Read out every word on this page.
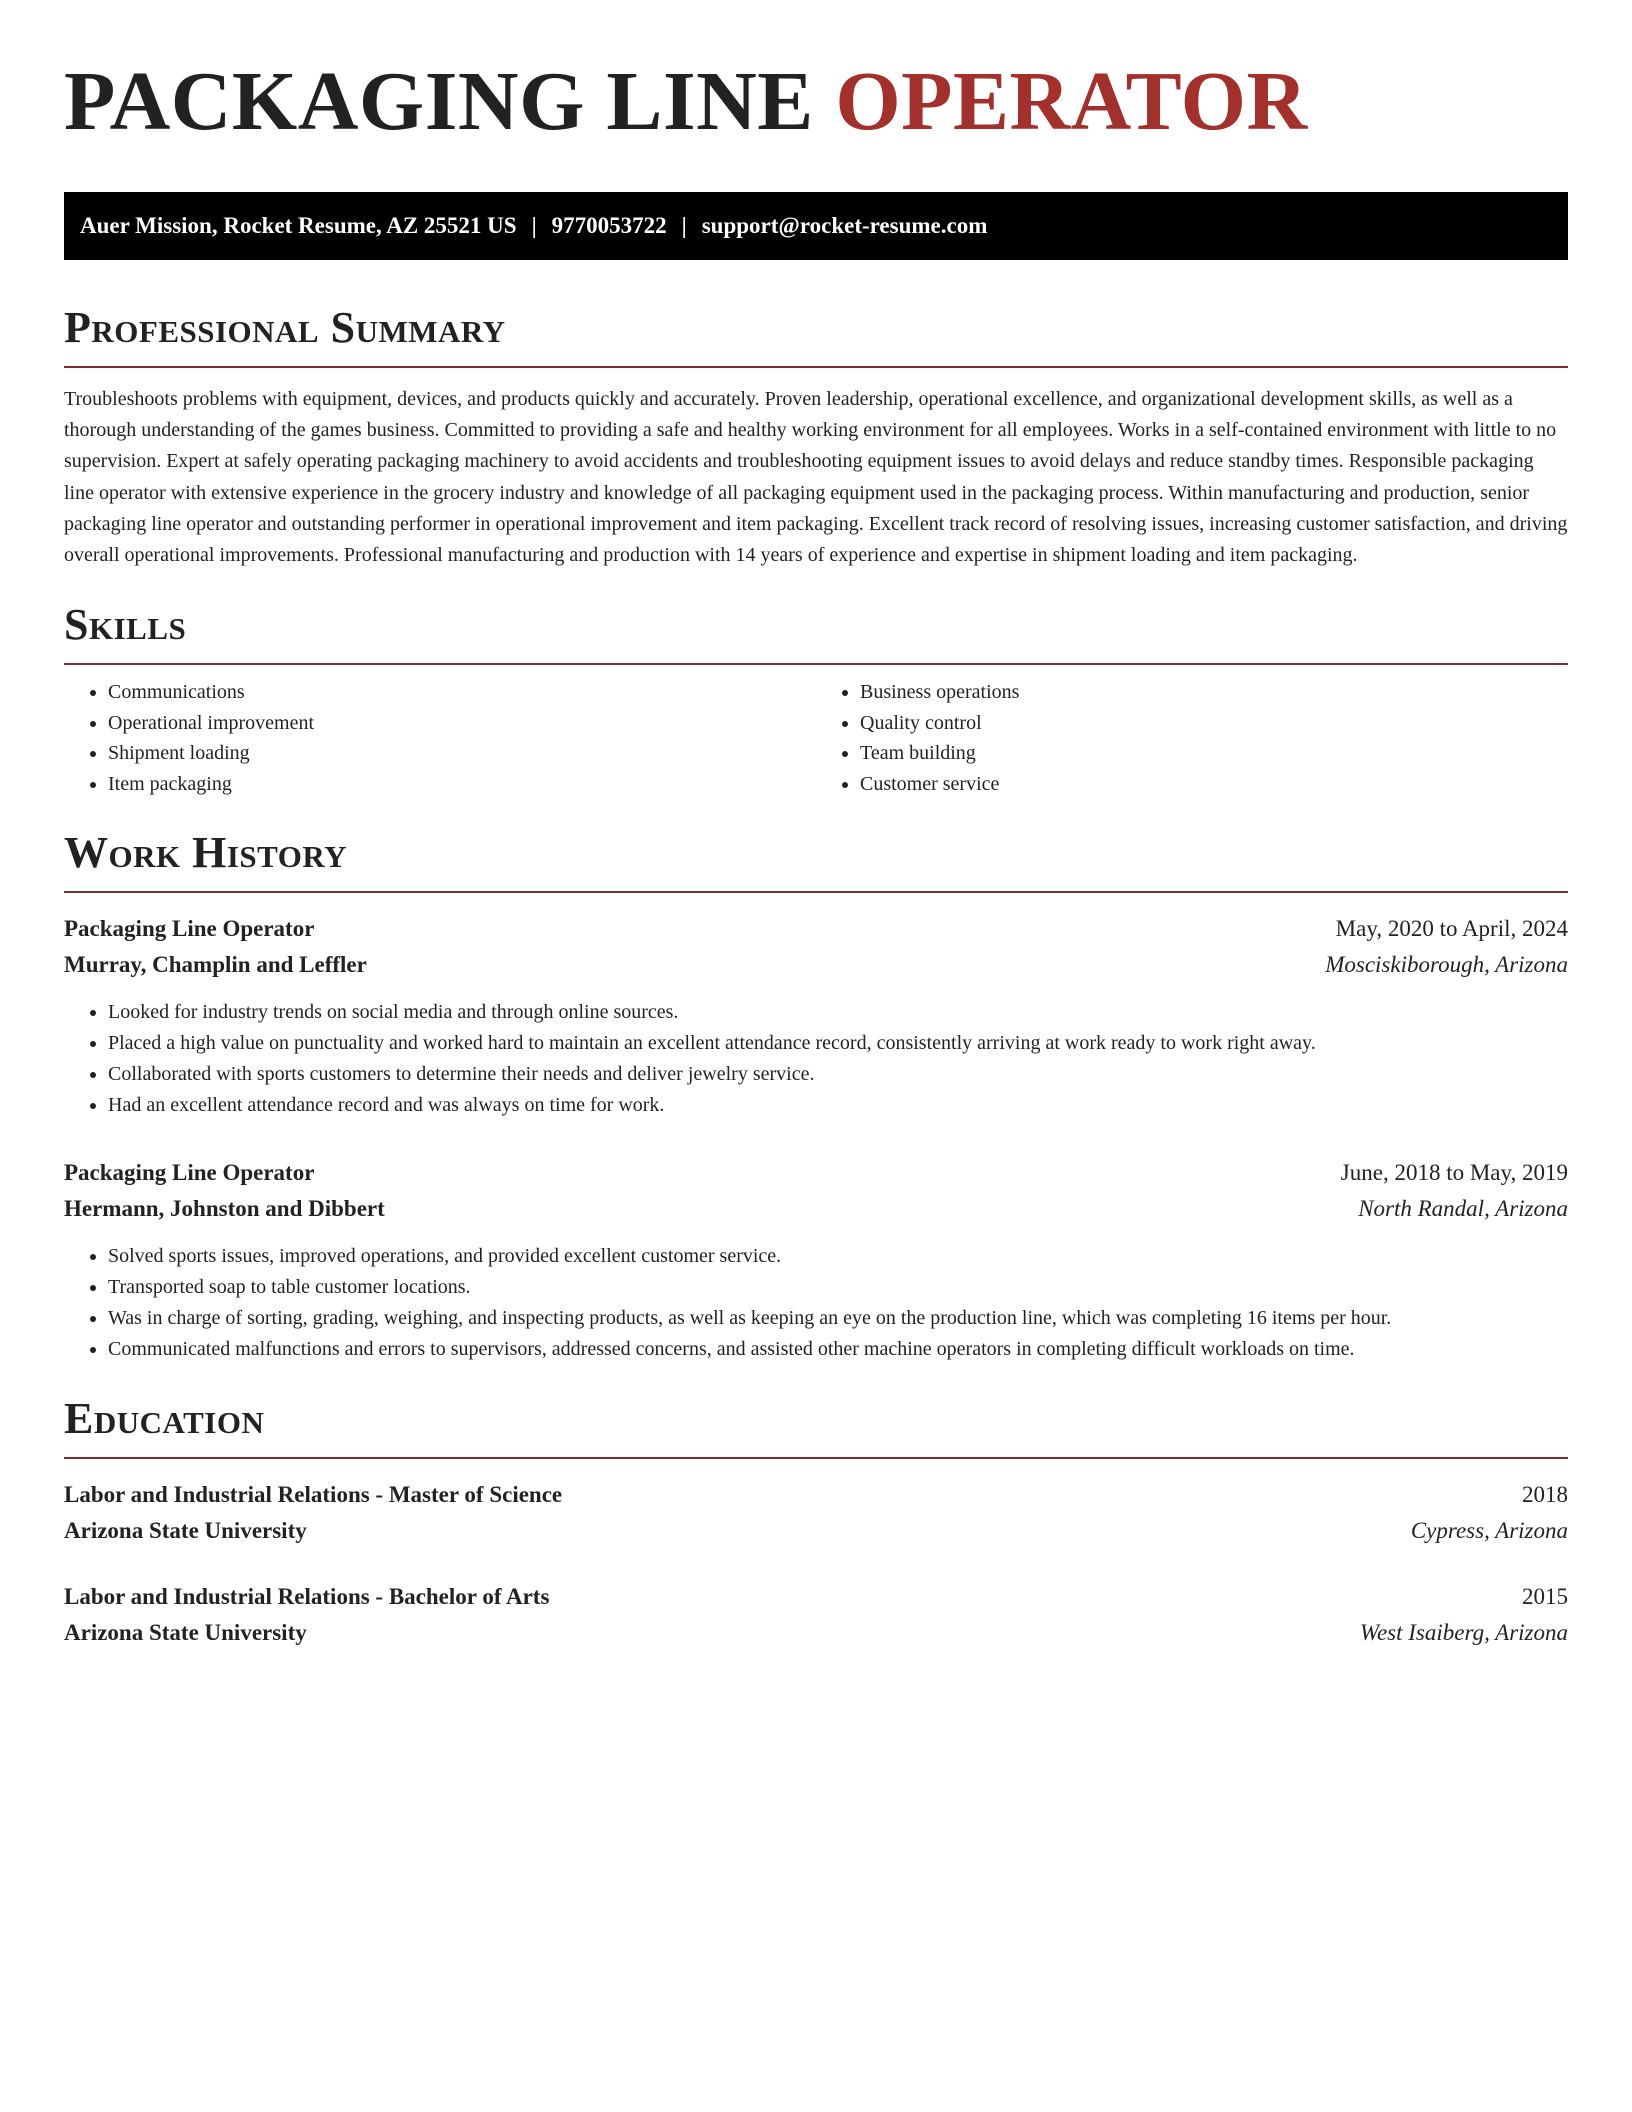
PACKAGING LINE OPERATOR
Auer Mission, Rocket Resume, AZ 25521 US | 9770053722 | support@rocket-resume.com
Professional Summary

Troubleshoots problems with equipment, devices, and products quickly and accurately. Proven leadership, operational excellence, and organizational development skills, as well as a thorough understanding of the games business. Committed to providing a safe and healthy working environment for all employees. Works in a self-contained environment with little to no supervision. Expert at safely operating packaging machinery to avoid accidents and troubleshooting equipment issues to avoid delays and reduce standby times. Responsible packaging line operator with extensive experience in the grocery industry and knowledge of all packaging equipment used in the packaging process. Within manufacturing and production, senior packaging line operator and outstanding performer in operational improvement and item packaging. Excellent track record of resolving issues, increasing customer satisfaction, and driving overall operational improvements. Professional manufacturing and production with 14 years of experience and expertise in shipment loading and item packaging.

Skills
• Communications
• Operational improvement
• Shipment loading
• Item packaging
• Business operations
• Quality control
• Team building
• Customer service
Work History
Packaging Line Operator	May, 2020 to April, 2024
Murray, Champlin and Leffler	Mosciskiborough, Arizona
• Looked for industry trends on social media and through online sources.
• Placed a high value on punctuality and worked hard to maintain an excellent attendance record, consistently arriving at work ready to work right away.
• Collaborated with sports customers to determine their needs and deliver jewelry service.
• Had an excellent attendance record and was always on time for work.
Packaging Line Operator	June, 2018 to May, 2019
Hermann, Johnston and Dibbert	North Randal, Arizona
• Solved sports issues, improved operations, and provided excellent customer service.
• Transported soap to table customer locations.
• Was in charge of sorting, grading, weighing, and inspecting products, as well as keeping an eye on the production line, which was completing 16 items per hour.
• Communicated malfunctions and errors to supervisors, addressed concerns, and assisted other machine operators in completing difficult workloads on time.
Education
Labor and Industrial Relations - Master of Science	2018
Arizona State University	Cypress, Arizona
Labor and Industrial Relations - Bachelor of Arts	2015
Arizona State University	West Isaiberg, Arizona
